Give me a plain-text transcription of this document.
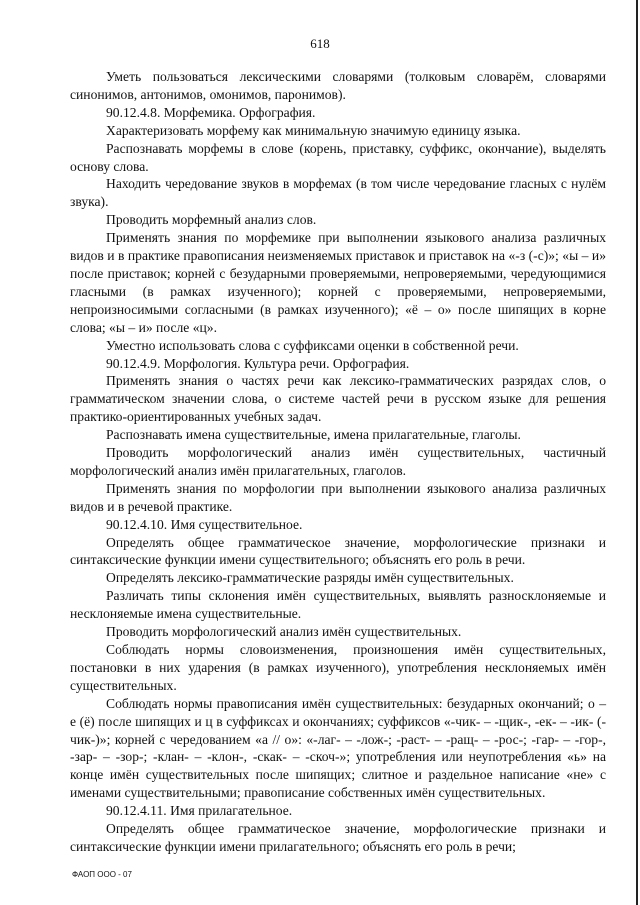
618

Уметь пользоваться лексическими словарями (толковым словарём, словарями синонимов, антонимов, омонимов, паронимов).

90.12.4.8. Морфемика. Орфография.

Характеризовать морфему как минимальную значимую единицу языка.

Распознавать морфемы в слове (корень, приставку, суффикс, окончание), выделять основу слова.

Находить чередование звуков в морфемах (в том числе чередование гласных с нулём звука).

Проводить морфемный анализ слов.

Применять знания по морфемике при выполнении языкового анализа различных видов и в практике правописания неизменяемых приставок и приставок на «-з (-с)»; «ы – и» после приставок; корней с безударными проверяемыми, непроверяемыми, чередующимися гласными (в рамках изученного); корней с проверяемыми, непроверяемыми, непроизносимыми согласными (в рамках изученного); «ё – о» после шипящих в корне слова; «ы – и» после «ц».

Уместно использовать слова с суффиксами оценки в собственной речи.

90.12.4.9. Морфология. Культура речи. Орфография.

Применять знания о частях речи как лексико-грамматических разрядах слов, о грамматическом значении слова, о системе частей речи в русском языке для решения практико-ориентированных учебных задач.

Распознавать имена существительные, имена прилагательные, глаголы.

Проводить морфологический анализ имён существительных, частичный морфологический анализ имён прилагательных, глаголов.

Применять знания по морфологии при выполнении языкового анализа различных видов и в речевой практике.

90.12.4.10. Имя существительное.

Определять общее грамматическое значение, морфологические признаки и синтаксические функции имени существительного; объяснять его роль в речи.

Определять лексико-грамматические разряды имён существительных.

Различать типы склонения имён существительных, выявлять разносклоняемые и несклоняемые имена существительные.

Проводить морфологический анализ имён существительных.

Соблюдать нормы словоизменения, произношения имён существительных, постановки в них ударения (в рамках изученного), употребления несклоняемых имён существительных.

Соблюдать нормы правописания имён существительных: безударных окончаний; о – е (ё) после шипящих и ц в суффиксах и окончаниях; суффиксов «-чик- – -щик-, -ек- – -ик- (-чик-)»; корней с чередованием «а // о»: «-лаг- – -лож-; -раст- – -ращ- – -рос-; -гар- – -гор-, -зар- – -зор-; -клан- – -клон-, -скак- – -скоч-»; употребления или неупотребления «ь» на конце имён существительных после шипящих; слитное и раздельное написание «не» с именами существительными; правописание собственных имён существительных.

90.12.4.11. Имя прилагательное.

Определять общее грамматическое значение, морфологические признаки и синтаксические функции имени прилагательного; объяснять его роль в речи;

ФАОП ООО - 07
